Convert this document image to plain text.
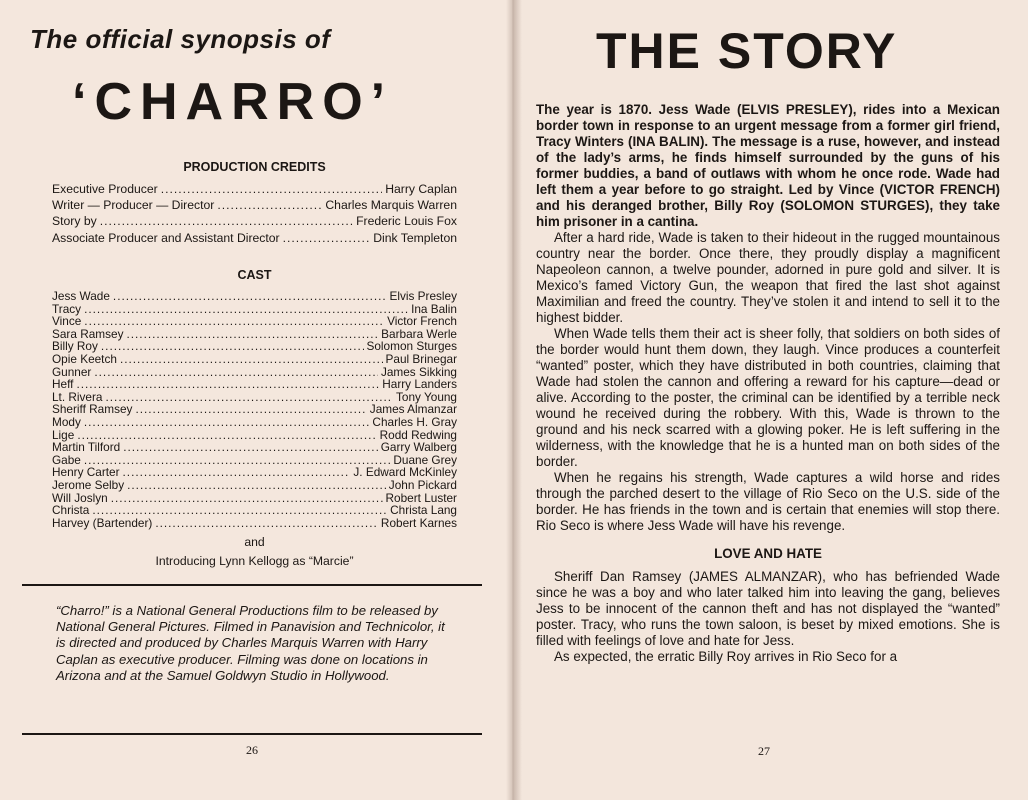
The official synopsis of
‘CHARRO’
PRODUCTION CREDITS
Executive Producer .....	Harry Caplan
Writer — Producer — Director .....	Charles Marquis Warren
Story by .....	Frederic Louis Fox
Associate Producer and Assistant Director .....	Dink Templeton
CAST
Jess Wade .....	Elvis Presley
Tracy .....	Ina Balin
Vince .....	Victor French
Sara Ramsey .....	Barbara Werle
Billy Roy .....	Solomon Sturges
Opie Keetch .....	Paul Brinegar
Gunner .....	James Sikking
Heff .....	Harry Landers
Lt. Rivera .....	Tony Young
Sheriff Ramsey .....	James Almanzar
Mody .....	Charles H. Gray
Lige .....	Rodd Redwing
Martin Tilford .....	Garry Walberg
Gabe .....	Duane Grey
Henry Carter .....	J. Edward McKinley
Jerome Selby .....	John Pickard
Will Joslyn .....	Robert Luster
Christa .....	Christa Lang
Harvey (Bartender) .....	Robert Karnes

and

Introducing Lynn Kellogg as “Marcie”

“Charro!” is a National General Productions film to be released by National General Pictures. Filmed in Panavision and Technicolor, it is directed and produced by Charles Marquis Warren with Harry Caplan as executive producer. Filming was done on locations in Arizona and at the Samuel Goldwyn Studio in Hollywood.

26

THE STORY

The year is 1870. Jess Wade (ELVIS PRESLEY), rides into a Mexican border town in response to an urgent message from a former girl friend, Tracy Winters (INA BALIN). The message is a ruse, however, and instead of the lady’s arms, he finds himself surrounded by the guns of his former buddies, a band of outlaws with whom he once rode. Wade had left them a year before to go straight. Led by Vince (VICTOR FRENCH) and his deranged brother, Billy Roy (SOLOMON STURGES), they take him prisoner in a cantina.

After a hard ride, Wade is taken to their hideout in the rugged mountainous country near the border. Once there, they proudly display a magnificent Napeoleon cannon, a twelve pounder, adorned in pure gold and silver. It is Mexico’s famed Victory Gun, the weapon that fired the last shot against Maximilian and freed the country. They’ve stolen it and intend to sell it to the highest bidder.

When Wade tells them their act is sheer folly, that soldiers on both sides of the border would hunt them down, they laugh. Vince produces a counterfeit “wanted” poster, which they have distributed in both countries, claiming that Wade had stolen the cannon and offering a reward for his capture—dead or alive. According to the poster, the criminal can be identified by a terrible neck wound he received during the robbery. With this, Wade is thrown to the ground and his neck scarred with a glowing poker. He is left suffering in the wilderness, with the knowledge that he is a hunted man on both sides of the border.

When he regains his strength, Wade captures a wild horse and rides through the parched desert to the village of Rio Seco on the U.S. side of the border. He has friends in the town and is certain that enemies will stop there. Rio Seco is where Jess Wade will have his revenge.

LOVE AND HATE

Sheriff Dan Ramsey (JAMES ALMANZAR), who has befriended Wade since he was a boy and who later talked him into leaving the gang, believes Jess to be innocent of the cannon theft and has not displayed the “wanted” poster. Tracy, who runs the town saloon, is beset by mixed emotions. She is filled with feelings of love and hate for Jess.

As expected, the erratic Billy Roy arrives in Rio Seco for a

27
